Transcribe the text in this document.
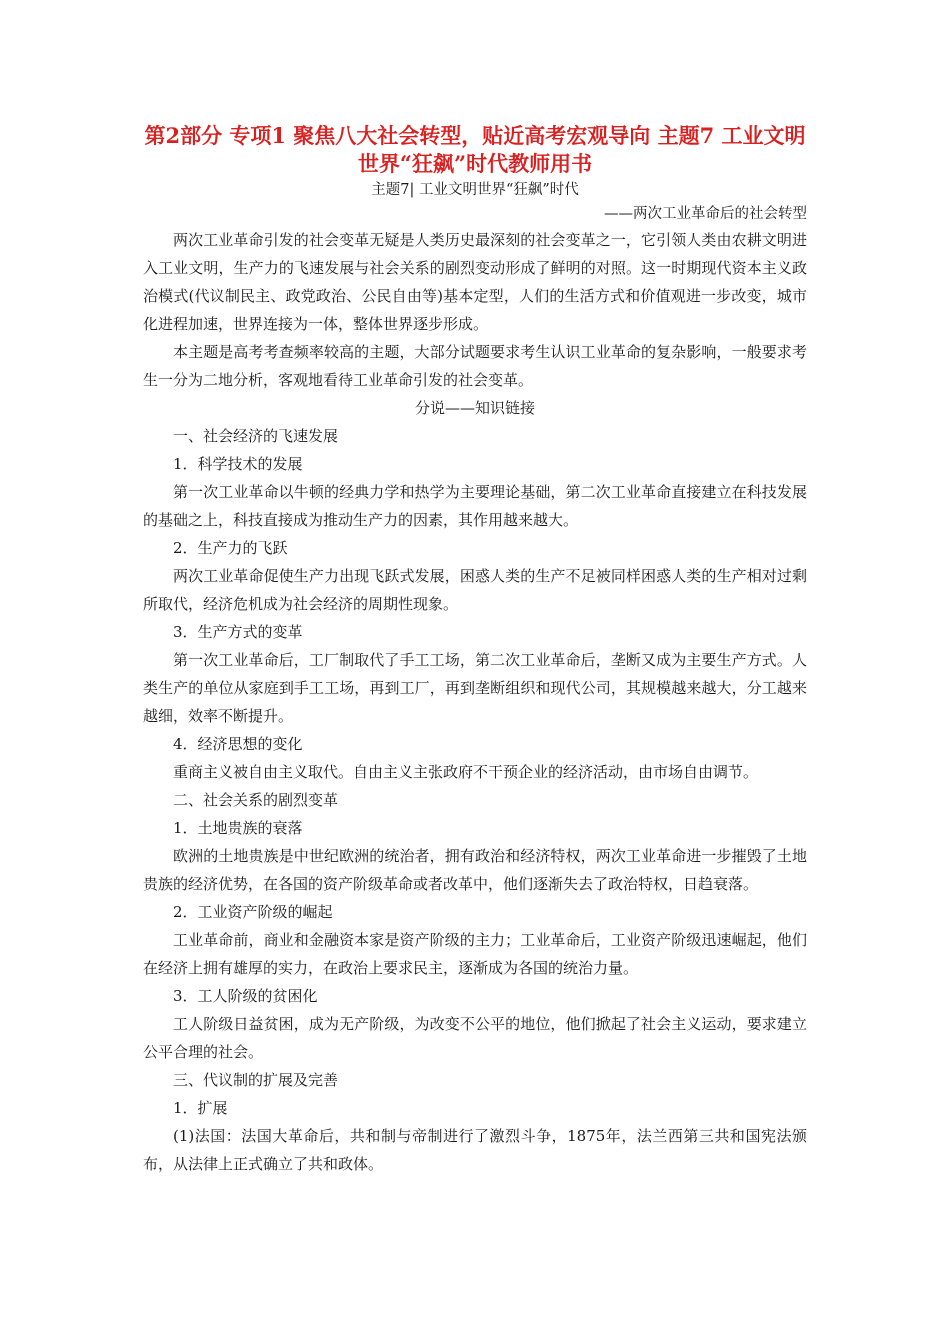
第2部分 专项1 聚焦八大社会转型，贴近高考宏观导向 主题7 工业文明世界“狂飙”时代教师用书

主题7| 工业文明世界“狂飙”时代

——两次工业革命后的社会转型

两次工业革命引发的社会变革无疑是人类历史最深刻的社会变革之一，它引领人类由农耕文明进入工业文明，生产力的飞速发展与社会关系的剧烈变动形成了鲜明的对照。这一时期现代资本主义政治模式(代议制民主、政党政治、公民自由等)基本定型，人们的生活方式和价值观进一步改变，城市化进程加速，世界连接为一体，整体世界逐步形成。

本主题是高考考查频率较高的主题，大部分试题要求考生认识工业革命的复杂影响，一般要求考生一分为二地分析，客观地看待工业革命引发的社会变革。

分说——知识链接

一、社会经济的飞速发展

1．科学技术的发展

第一次工业革命以牛顿的经典力学和热学为主要理论基础，第二次工业革命直接建立在科技发展的基础之上，科技直接成为推动生产力的因素，其作用越来越大。

2．生产力的飞跃

两次工业革命促使生产力出现飞跃式发展，困惑人类的生产不足被同样困惑人类的生产相对过剩所取代，经济危机成为社会经济的周期性现象。

3．生产方式的变革

第一次工业革命后，工厂制取代了手工工场，第二次工业革命后，垄断又成为主要生产方式。人类生产的单位从家庭到手工工场，再到工厂，再到垄断组织和现代公司，其规模越来越大，分工越来越细，效率不断提升。

4．经济思想的变化

重商主义被自由主义取代。自由主义主张政府不干预企业的经济活动，由市场自由调节。

二、社会关系的剧烈变革

1．土地贵族的衰落

欧洲的土地贵族是中世纪欧洲的统治者，拥有政治和经济特权，两次工业革命进一步摧毁了土地贵族的经济优势，在各国的资产阶级革命或者改革中，他们逐渐失去了政治特权，日趋衰落。

2．工业资产阶级的崛起

工业革命前，商业和金融资本家是资产阶级的主力；工业革命后，工业资产阶级迅速崛起，他们在经济上拥有雄厚的实力，在政治上要求民主，逐渐成为各国的统治力量。

3．工人阶级的贫困化

工人阶级日益贫困，成为无产阶级，为改变不公平的地位，他们掀起了社会主义运动，要求建立公平合理的社会。

三、代议制的扩展及完善

1．扩展

(1)法国：法国大革命后，共和制与帝制进行了激烈斗争，1875年，法兰西第三共和国宪法颁布，从法律上正式确立了共和政体。
